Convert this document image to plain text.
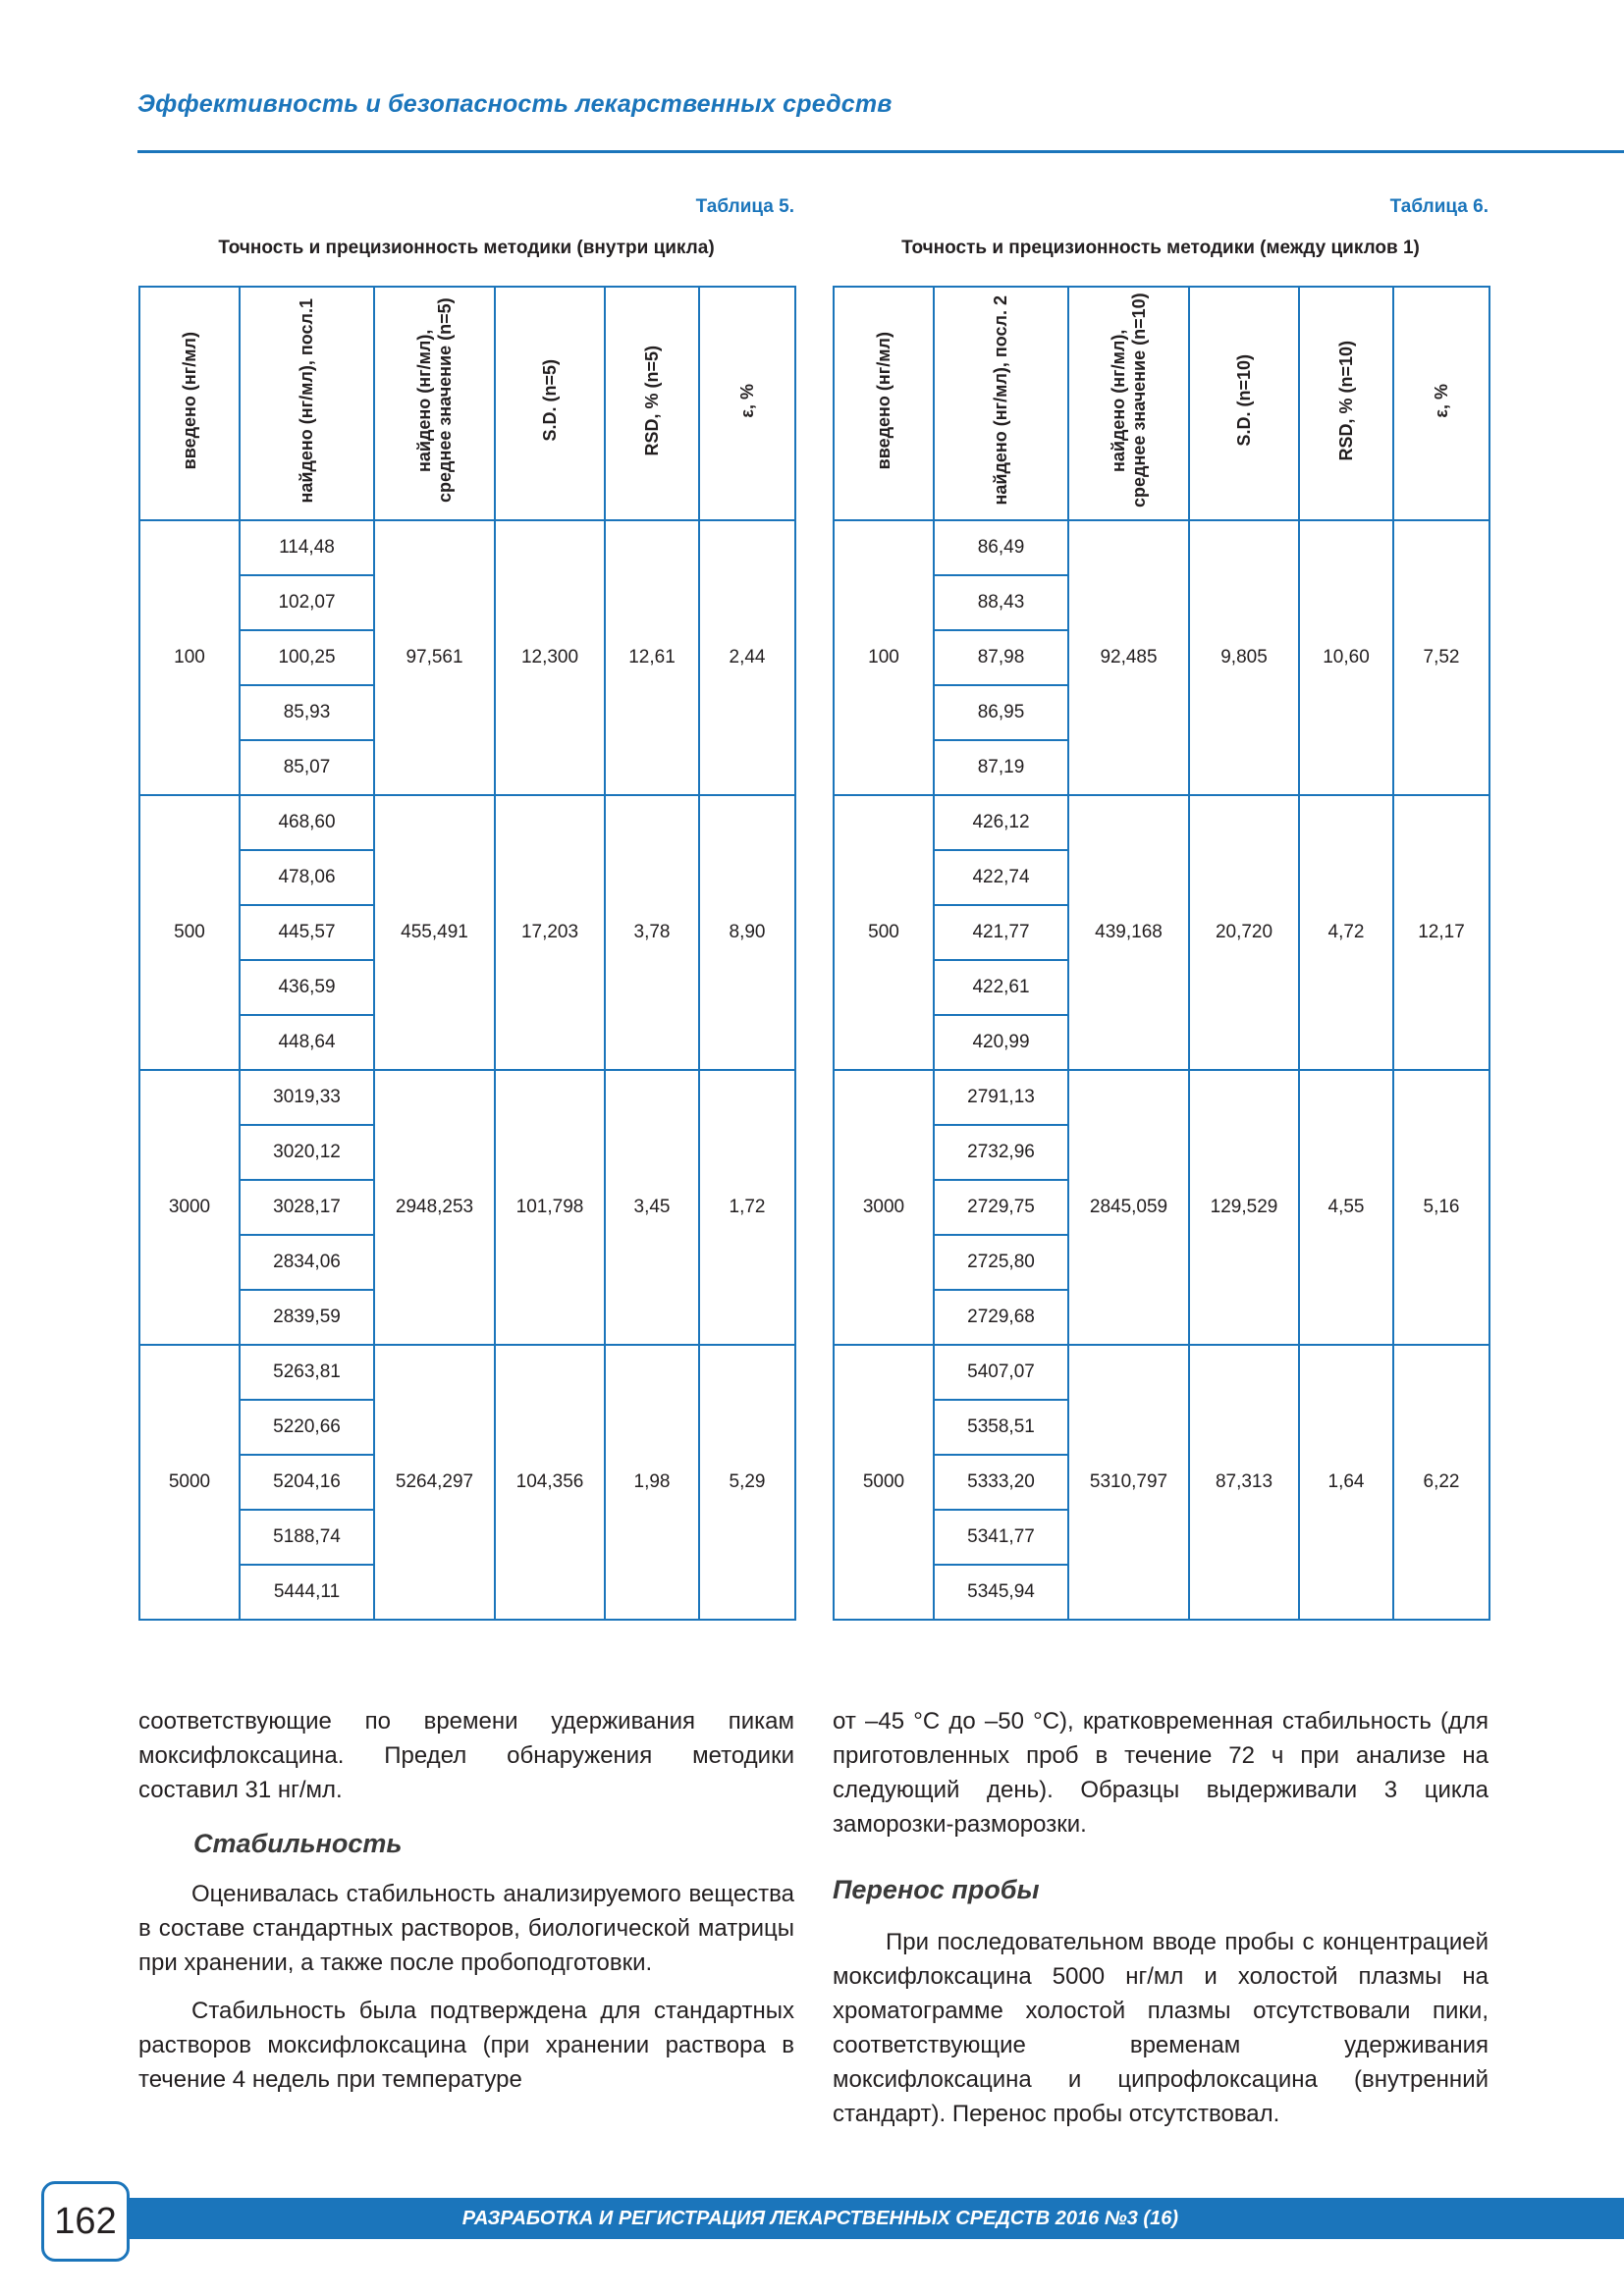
Эффективность и безопасность лекарственных средств
Таблица 5.
Точность и прецизионность методики (внутри цикла)
введено (нг/мл)	найдено (нг/мл), посл.1	найдено (нг/мл), среднее значение (n=5)	S.D. (n=5)	RSD, % (n=5)	ε, %
100	114,48	97,561	12,300	12,61	2,44
	102,07				
	100,25				
	85,93				
	85,07				
500	468,60	455,491	17,203	3,78	8,90
	478,06				
	445,57				
	436,59				
	448,64				
3000	3019,33	2948,253	101,798	3,45	1,72
	3020,12				
	3028,17				
	2834,06				
	2839,59				
5000	5263,81	5264,297	104,356	1,98	5,29
	5220,66				
	5204,16				
	5188,74				
	5444,11				
Таблица 6.
Точность и прецизионность методики (между циклов 1)
введено (нг/мл)	найдено (нг/мл), посл. 2	найдено (нг/мл), среднее значение (n=10)	S.D. (n=10)	RSD, % (n=10)	ε, %
100	86,49	92,485	9,805	10,60	7,52
	88,43				
	87,98				
	86,95				
	87,19				
500	426,12	439,168	20,720	4,72	12,17
	422,74				
	421,77				
	422,61				
	420,99				
3000	2791,13	2845,059	129,529	4,55	5,16
	2732,96				
	2729,75				
	2725,80				
	2729,68				
5000	5407,07	5310,797	87,313	1,64	6,22
	5358,51				
	5333,20				
	5341,77				
	5345,94				

соответствующие по времени удерживания пикам моксифлоксацина. Предел обнаружения методики составил 31 нг/мл.

Стабильность

Оценивалась стабильность анализируемого вещества в составе стандартных растворов, биологической матрицы при хранении, а также после пробоподготовки.

Стабильность была подтверждена для стандартных растворов моксифлоксацина (при хранении раствора в течение 4 недель при температуре

от –45 °С до –50 °С), кратковременная стабильность (для приготовленных проб в течение 72 ч при анализе на следующий день). Образцы выдерживали 3 цикла заморозки-разморозки.

Перенос пробы

При последовательном вводе пробы с концентрацией моксифлоксацина 5000 нг/мл и холостой плазмы на хроматограмме холостой плазмы отсутствовали пики, соответствующие временам удерживания моксифлоксацина и ципрофлоксацина (внутренний стандарт). Перенос пробы отсутствовал.

РАЗРАБОТКА И РЕГИСТРАЦИЯ ЛЕКАРСТВЕННЫХ СРЕДСТВ 2016 №3 (16)
162
